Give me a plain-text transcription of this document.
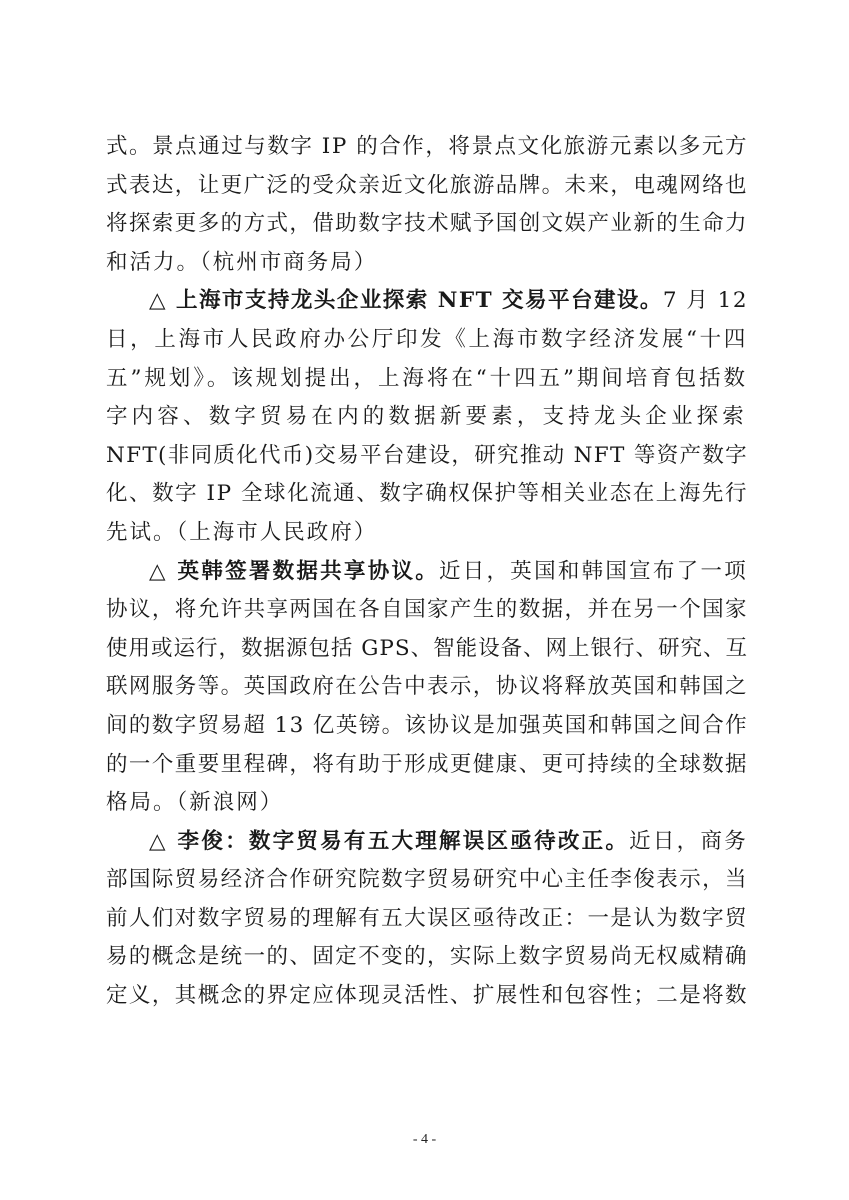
式。景点通过与数字 IP 的合作，将景点文化旅游元素以多元方
式表达，让更广泛的受众亲近文化旅游品牌。未来，电魂网络也
将探索更多的方式，借助数字技术赋予国创文娱产业新的生命力
和活力。（杭州市商务局）
△ 上海市支持龙头企业探索 NFT 交易平台建设。 7 月 12
日，上海市人民政府办公厅印发《上海市数字经济发展“十四
五”规划》。该规划提出，上海将在“十四五”期间培育包括数
字内容、数字贸易在内的数据新要素，支持龙头企业探索
NFT(非同质化代币)交易平台建设，研究推动 NFT 等资产数字
化、数字 IP 全球化流通、数字确权保护等相关业态在上海先行
先试。（上海市人民政府）
△ 英韩签署数据共享协议。 近日，英国和韩国宣布了一项
协议，将允许共享两国在各自国家产生的数据，并在另一个国家
使用或运行，数据源包括 GPS、智能设备、网上银行、研究、互
联网服务等。英国政府在公告中表示，协议将释放英国和韩国之
间的数字贸易超 13 亿英镑。该协议是加强英国和韩国之间合作
的一个重要里程碑，将有助于形成更健康、更可持续的全球数据
格局。（新浪网）
△ 李俊：数字贸易有五大理解误区亟待改正。 近日，商务
部国际贸易经济合作研究院数字贸易研究中心主任李俊表示，当
前人们对数字贸易的理解有五大误区亟待改正：一是认为数字贸
易的概念是统一的、固定不变的，实际上数字贸易尚无权威精确
定义，其概念的界定应体现灵活性、扩展性和包容性；二是将数
- 4 -
